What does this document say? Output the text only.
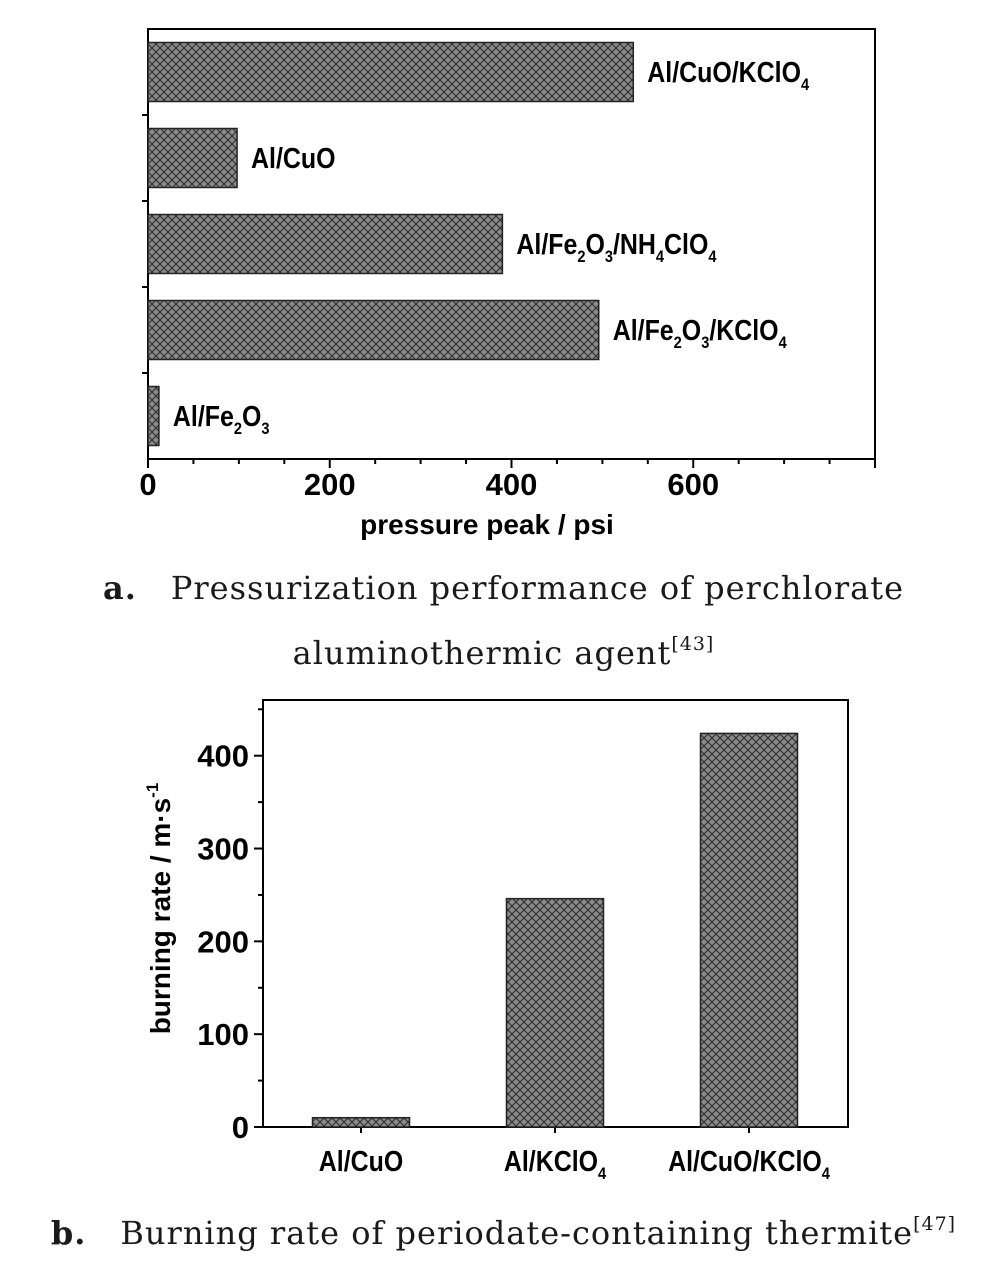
Al/CuO/KClO4
Al/CuO
Al/Fe2O3/NH4ClO4
Al/Fe2O3/KClO4
Al/Fe2O3
0	200	400	600
pressure peak / psi
a. Pressurization performance of perchlorate
aluminothermic agent[43]
0
100
200
300
400
Al/CuO	Al/KClO4 Al/CuO/KClO4
burning rate / $m\cdot s^{-1}$
b. Burning rate of periodate-containing thermite[47]
